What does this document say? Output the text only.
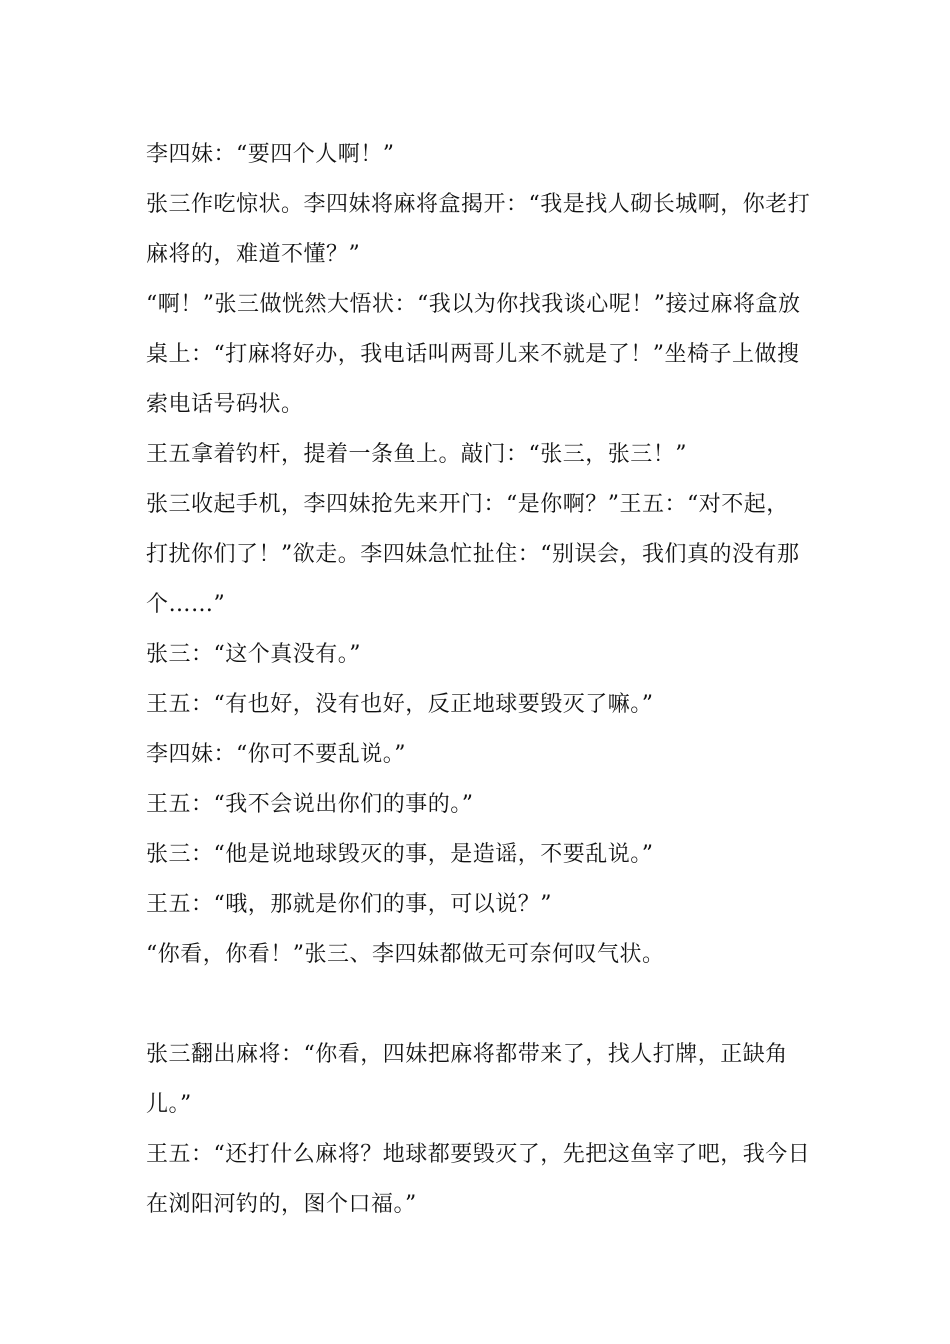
李四妹：“要四个人啊！”

张三作吃惊状。李四妹将麻将盒揭开：“我是找人砌长城啊，你老打麻将的，难道不懂？”

“啊！”张三做恍然大悟状：“我以为你找我谈心呢！”接过麻将盒放桌上：“打麻将好办，我电话叫两哥儿来不就是了！”坐椅子上做搜索电话号码状。

王五拿着钓杆，提着一条鱼上。敲门：“张三，张三！”

张三收起手机，李四妹抢先来开门：“是你啊？”王五：“对不起，打扰你们了！”欲走。李四妹急忙扯住：“别误会，我们真的没有那个……”

张三：“这个真没有。”

王五：“有也好，没有也好，反正地球要毁灭了嘛。”

李四妹：“你可不要乱说。”

王五：“我不会说出你们的事的。”

张三：“他是说地球毁灭的事，是造谣，不要乱说。”

王五：“哦，那就是你们的事，可以说？”

“你看，你看！”张三、李四妹都做无可奈何叹气状。

张三翻出麻将：“你看，四妹把麻将都带来了，找人打牌，正缺角儿。”

王五：“还打什么麻将？地球都要毁灭了，先把这鱼宰了吧，我今日在浏阳河钓的，图个口福。”
